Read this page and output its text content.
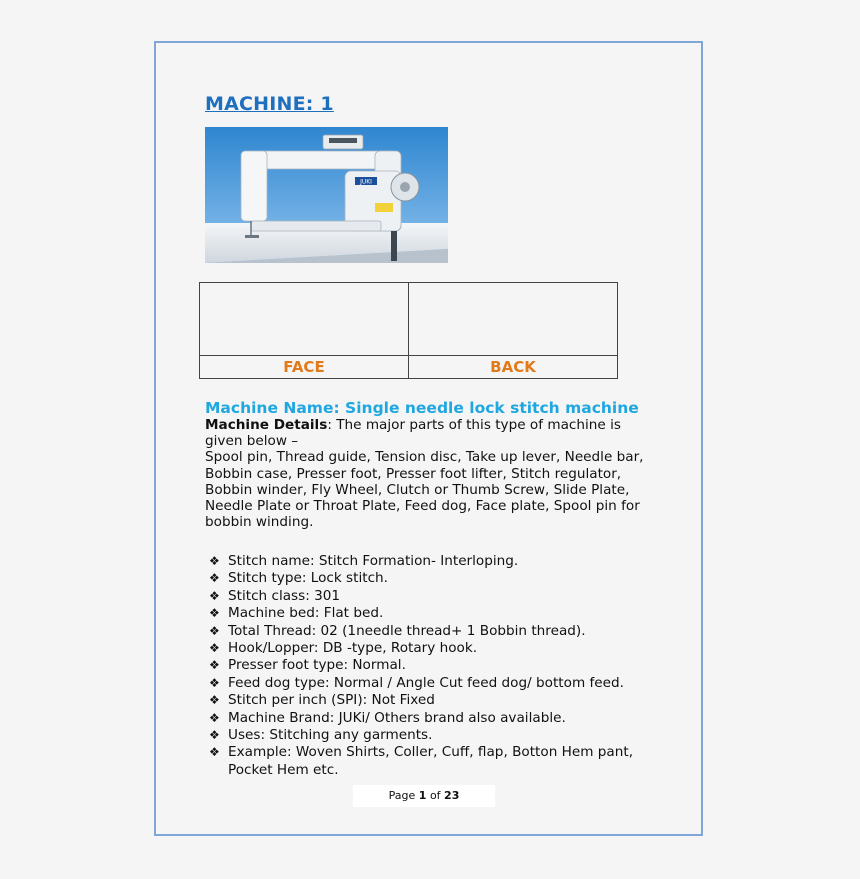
MACHINE: 1
JUKI

FACE	BACK
Machine Name: Single needle lock stitch machine
Machine Details: The major parts of this type of machine is given below –
Spool pin, Thread guide, Tension disc, Take up lever, Needle bar, Bobbin case, Presser foot, Presser foot lifter, Stitch regulator, Bobbin winder, Fly Wheel, Clutch or Thumb Screw, Slide Plate, Needle Plate or Throat Plate, Feed dog, Face plate, Spool pin for bobbin winding.
❖ Stitch name: Stitch Formation- Interloping.
❖ Stitch type: Lock stitch.
❖ Stitch class: 301
❖ Machine bed: Flat bed.
❖ Total Thread: 02 (1needle thread+ 1 Bobbin thread).
❖ Hook/Lopper: DB -type, Rotary hook.
❖ Presser foot type: Normal.
❖ Feed dog type: Normal / Angle Cut feed dog/ bottom feed.
❖ Stitch per inch (SPI): Not Fixed
❖ Machine Brand: JUKi/ Others brand also available.
❖ Uses: Stitching any garments.
❖ Example: Woven Shirts, Coller, Cuff, flap, Botton Hem pant, Pocket Hem etc.
Page 1 of 23
